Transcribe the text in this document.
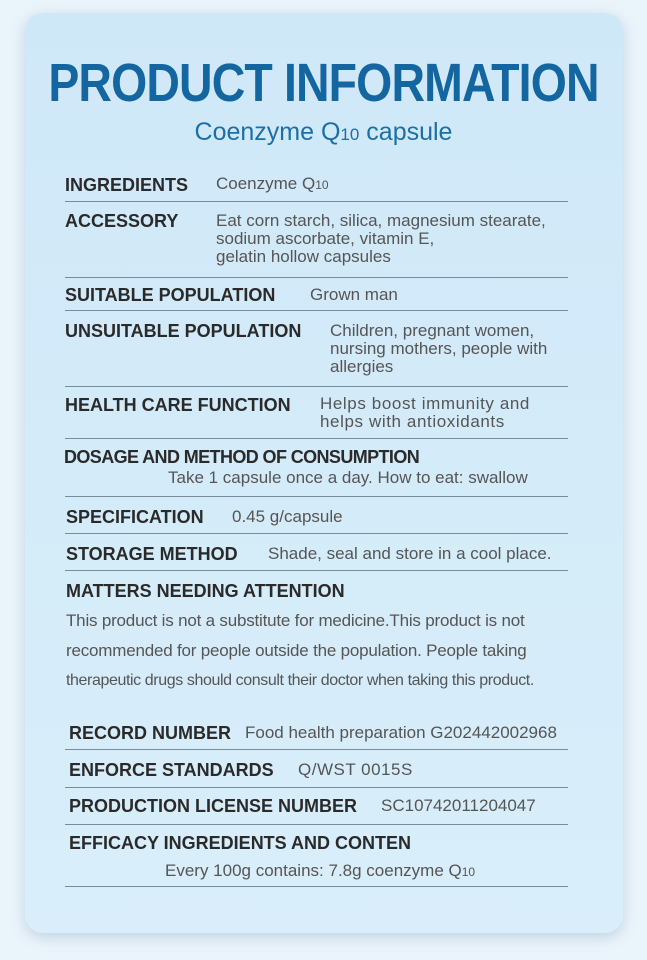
PRODUCT INFORMATION
Coenzyme Q10 capsule
INGREDIENTS Coenzyme Q10
ACCESSORY Eat corn starch, silica, magnesium stearate,
sodium ascorbate, vitamin E,
gelatin hollow capsules
SUITABLE POPULATION Grown man
UNSUITABLE POPULATION Children, pregnant women,
nursing mothers, people with
allergies
HEALTH CARE FUNCTION Helps boost immunity and
helps with antioxidants
DOSAGE AND METHOD OF CONSUMPTION
Take 1 capsule once a day. How to eat: swallow
SPECIFICATION 0.45 g/capsule
STORAGE METHOD Shade, seal and store in a cool place.
MATTERS NEEDING ATTENTION
This product is not a substitute for medicine.This product is not
recommended for people outside the population. People taking
therapeutic drugs should consult their doctor when taking this product.
RECORD NUMBER Food health preparation G202442002968
ENFORCE STANDARDS Q/WST 0015S
PRODUCTION LICENSE NUMBER SC10742011204047
EFFICACY INGREDIENTS AND CONTEN
Every 100g contains: 7.8g coenzyme Q10
